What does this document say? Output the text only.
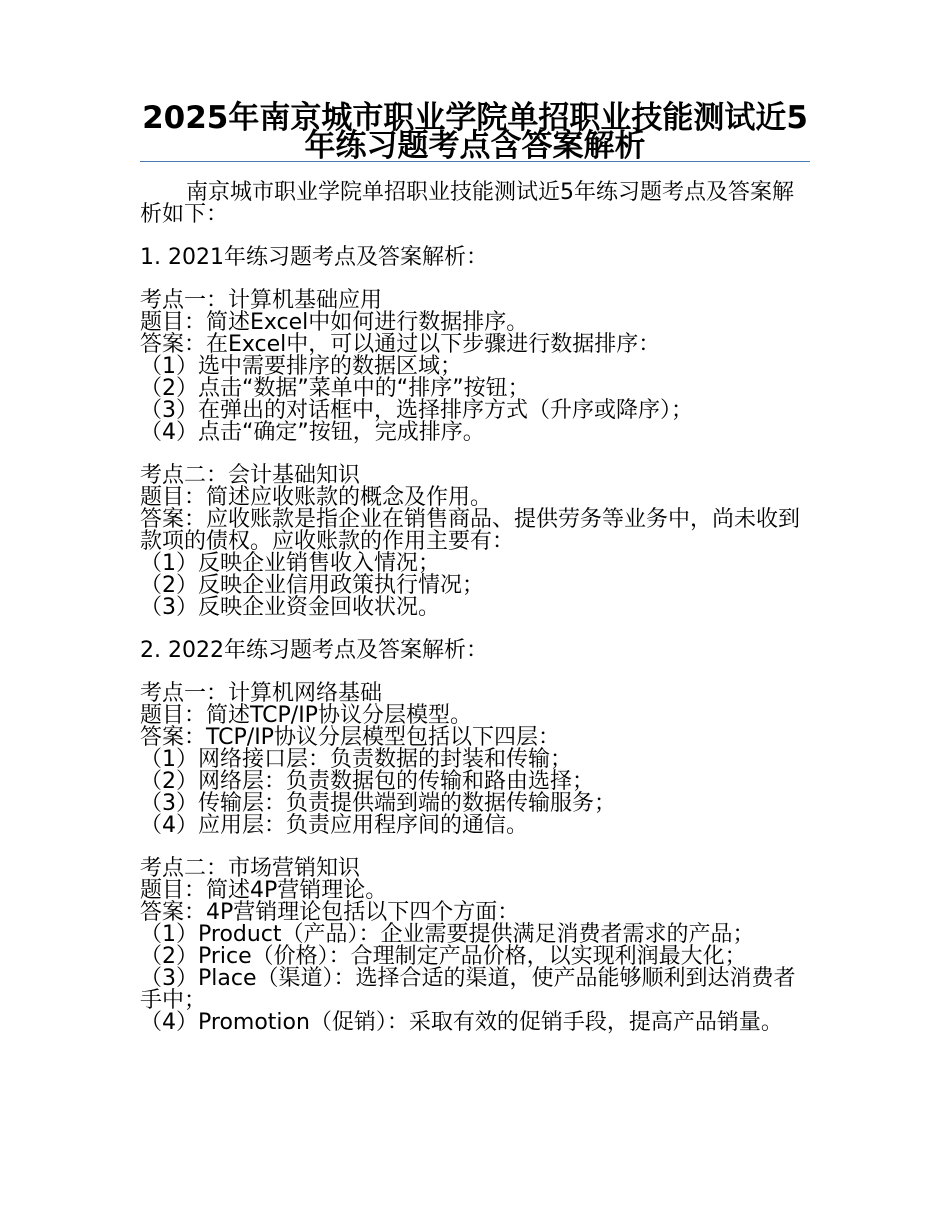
2025年南京城市职业学院单招职业技能测试近5年练习题考点含答案解析

南京城市职业学院单招职业技能测试近5年练习题考点及答案解析如下：

1. 2021年练习题考点及答案解析：

考点一：计算机基础应用

题目：简述Excel中如何进行数据排序。

答案：在Excel中，可以通过以下步骤进行数据排序：

（1）选中需要排序的数据区域；

（2）点击“数据”菜单中的“排序”按钮；

（3）在弹出的对话框中，选择排序方式（升序或降序）；

（4）点击“确定”按钮，完成排序。

考点二：会计基础知识

题目：简述应收账款的概念及作用。

答案：应收账款是指企业在销售商品、提供劳务等业务中，尚未收到款项的债权。应收账款的作用主要有：

（1）反映企业销售收入情况；

（2）反映企业信用政策执行情况；

（3）反映企业资金回收状况。

2. 2022年练习题考点及答案解析：

考点一：计算机网络基础

题目：简述TCP/IP协议分层模型。

答案：TCP/IP协议分层模型包括以下四层：

（1）网络接口层：负责数据的封装和传输；

（2）网络层：负责数据包的传输和路由选择；

（3）传输层：负责提供端到端的数据传输服务；

（4）应用层：负责应用程序间的通信。

考点二：市场营销知识

题目：简述4P营销理论。

答案：4P营销理论包括以下四个方面：

（1）Product（产品）：企业需要提供满足消费者需求的产品；

（2）Price（价格）：合理制定产品价格，以实现利润最大化；

（3）Place（渠道）：选择合适的渠道，使产品能够顺利到达消费者手中；

（4）Promotion（促销）：采取有效的促销手段，提高产品销量。
